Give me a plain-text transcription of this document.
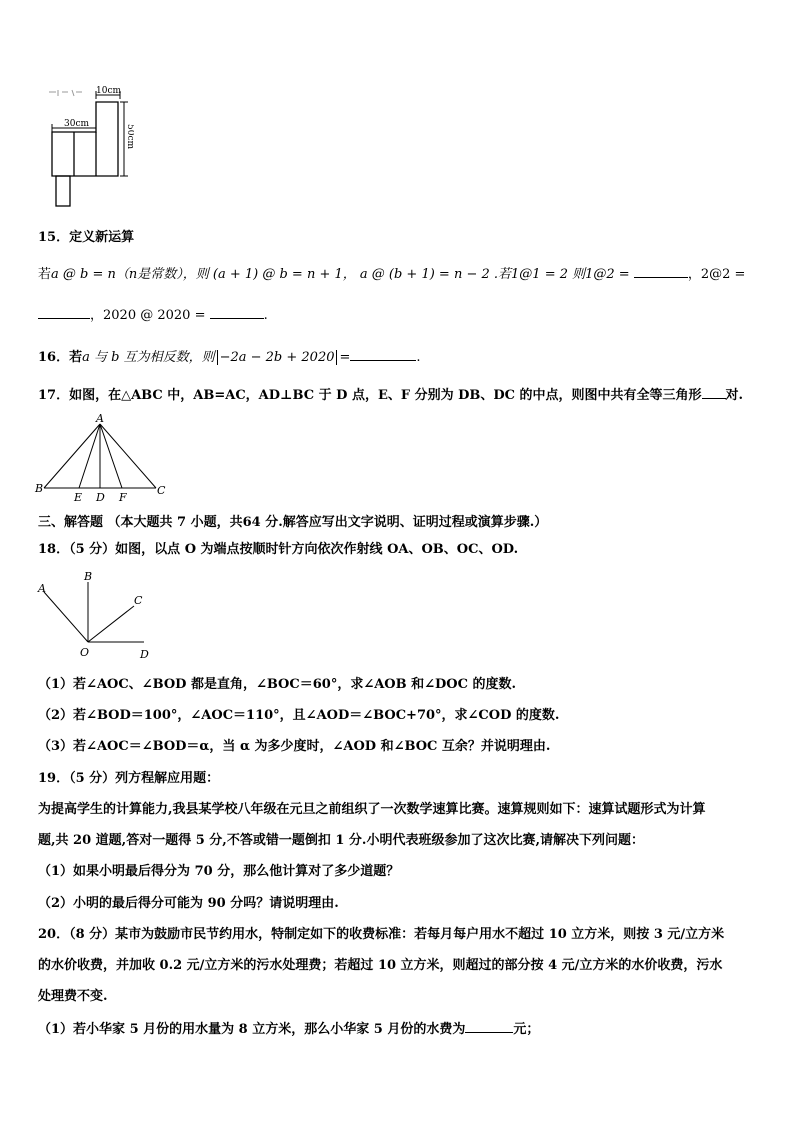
10cm
30cm	50cm
15．定义新运算
若a @ b = n（n是常数），则 (a + 1) @ b = n + 1， a @ (b + 1) = n − 2 .若1@1 = 2 则1@2 =	，2@2 =
，2020 @ 2020 =	.
16．若a 与 b 互为相反数，则 −2a − 2b + 2020 =	.
17．如图，在△ABC 中，AB=AC，AD⊥BC 于 D 点，E、F 分别为 DB、DC 的中点，则图中共有全等三角形 对.
A
B	C
E D F
三、解答题 （本大题共 7 小题，共64 分.解答应写出文字说明、证明过程或演算步骤.）
18．（5 分）如图，以点 O 为端点按顺时针方向依次作射线 OA、OB、OC、OD.
A
B
C
O	D
（1）若∠AOC、∠BOD 都是直角，∠BOC＝60°，求∠AOB 和∠DOC 的度数.
（2）若∠BOD＝100°，∠AOC＝110°，且∠AOD＝∠BOC+70°，求∠COD 的度数.
（3）若∠AOC＝∠BOD＝α，当 α 为多少度时，∠AOD 和∠BOC 互余？并说明理由.
19．（5 分）列方程解应用题：
为提高学生的计算能力,我县某学校八年级在元旦之前组织了一次数学速算比赛。速算规则如下：速算试题形式为计算
题,共 20 道题,答对一题得 5 分,不答或错一题倒扣 1 分.小明代表班级参加了这次比赛,请解决下列问题：
（1）如果小明最后得分为 70 分，那么他计算对了多少道题？
（2）小明的最后得分可能为 90 分吗？请说明理由.
20．（8 分）某市为鼓励市民节约用水，特制定如下的收费标准：若每月每户用水不超过 10 立方米，则按 3 元/立方米
的水价收费，并加收 0.2 元/立方米的污水处理费；若超过 10 立方米，则超过的部分按 4 元/立方米的水价收费，污水
处理费不变.
（1）若小华家 5 月份的用水量为 8 立方米，那么小华家 5 月份的水费为	元；
